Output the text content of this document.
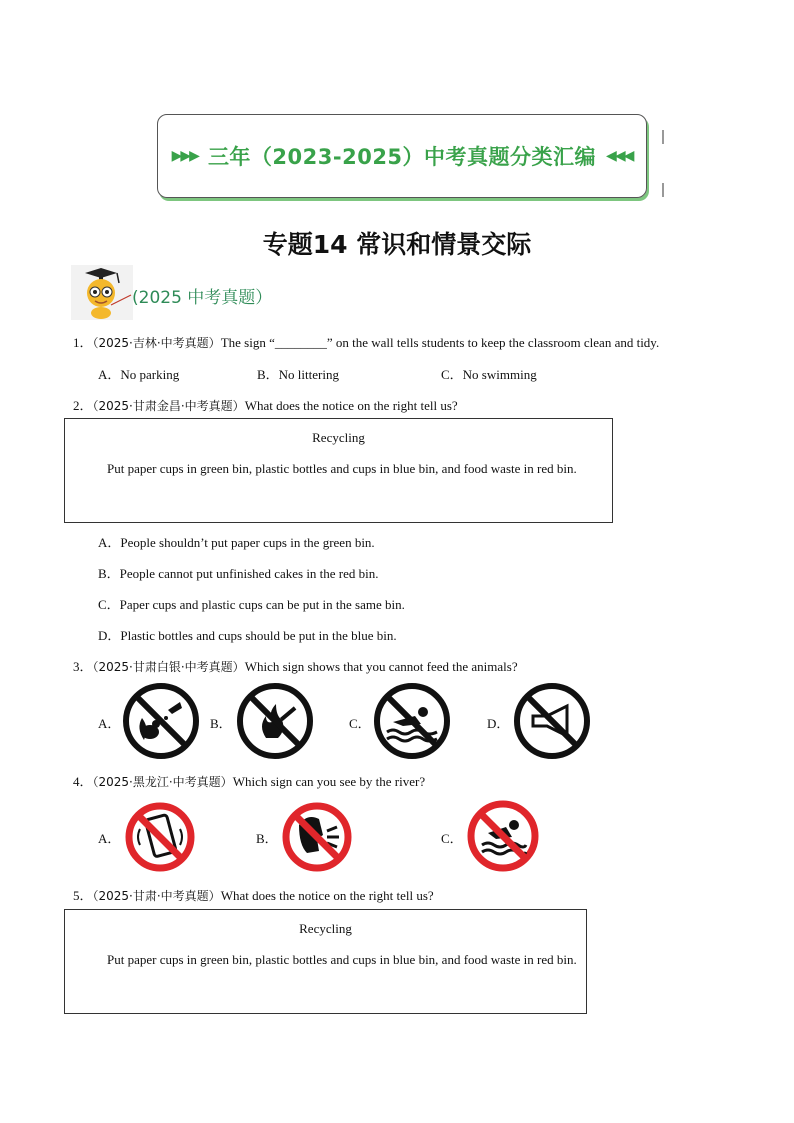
▶▶▶ 三年（2023-2025）中考真题分类汇编 ◀◀◀
专题14 常识和情景交际
(2025 中考真题）
1．（2025·吉林·中考真题）The sign “________” on the wall tells students to keep the classroom clean and tidy.
A．No parking	B．No littering	C．No swimming
2．（2025·甘肃金昌·中考真题）What does the notice on the right tell us?
Recycling
Put paper cups in green bin, plastic bottles and cups in blue bin, and food waste in red bin.
A．People shouldn’t put paper cups in the green bin.
B．People cannot put unfinished cakes in the red bin.
C．Paper cups and plastic cups can be put in the same bin.
D．Plastic bottles and cups should be put in the blue bin.
3．（2025·甘肃白银·中考真题）Which sign shows that you cannot feed the animals?
A．	B．	C．	D．
4．（2025·黑龙江·中考真题）Which sign can you see by the river?
A．	B．	C．
5．（2025·甘肃·中考真题）What does the notice on the right tell us?
Recycling
Put paper cups in green bin, plastic bottles and cups in blue bin, and food waste in red bin.
